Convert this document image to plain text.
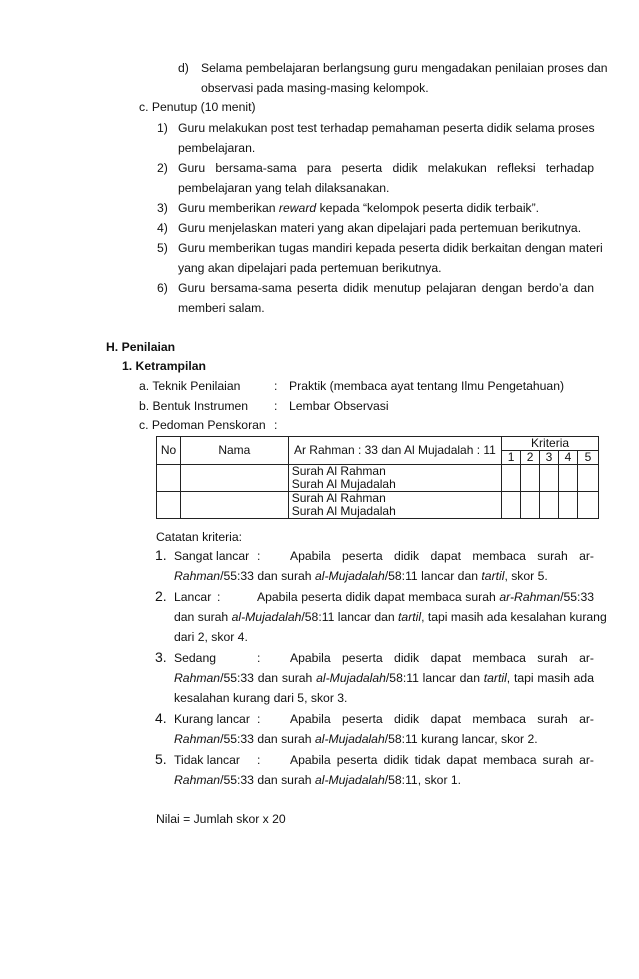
d) Selama pembelajaran berlangsung guru mengadakan penilaian proses dan
observasi pada masing-masing kelompok.
c. Penutup (10 menit)
1) Guru melakukan post test terhadap pemahaman peserta didik selama proses
pembelajaran.
2) Guru bersama-sama para peserta didik melakukan refleksi terhadap
pembelajaran yang telah dilaksanakan.
3) Guru memberikan reward kepada “kelompok peserta didik terbaik”.
4) Guru menjelaskan materi yang akan dipelajari pada pertemuan berikutnya.
5) Guru memberikan tugas mandiri kepada peserta didik berkaitan dengan materi
yang akan dipelajari pada pertemuan berikutnya.
6) Guru bersama-sama peserta didik menutup pelajaran dengan berdo’a dan
memberi salam.
H. Penilaian
1. Ketrampilan
a. Teknik Penilaian	: Praktik (membaca ayat tentang Ilmu Pengetahuan)
b. Bentuk Instrumen : Lembar Observasi
c. Pedoman Penskoran :
No	Nama	Ar Rahman : 33 dan Al Mujadalah : 11	Kriteria				
			1	2	3	4	5

		Surah Al Rahman
Surah Al Mujadalah					

		Surah Al Rahman
Surah Al Mujadalah					

Catatan kriteria:
1. Sangat lancar : Apabila peserta didik dapat membaca surah ar-
Rahman/55:33 dan surah al-Mujadalah/58:11 lancar dan tartil, skor 5.
2. Lancar :	Apabila peserta didik dapat membaca surah ar-Rahman/55:33
dan surah al-Mujadalah/58:11 lancar dan tartil, tapi masih ada kesalahan kurang
dari 2, skor 4.
3. Sedang	: Apabila peserta didik dapat membaca surah ar-
Rahman/55:33 dan surah al-Mujadalah/58:11 lancar dan tartil, tapi masih ada
kesalahan kurang dari 5, skor 3.
4. Kurang lancar : Apabila peserta didik dapat membaca surah ar-
Rahman/55:33 dan surah al-Mujadalah/58:11 kurang lancar, skor 2.
5. Tidak lancar : Apabila peserta didik tidak dapat membaca surah ar-
Rahman/55:33 dan surah al-Mujadalah/58:11, skor 1.
Nilai = Jumlah skor x 20
